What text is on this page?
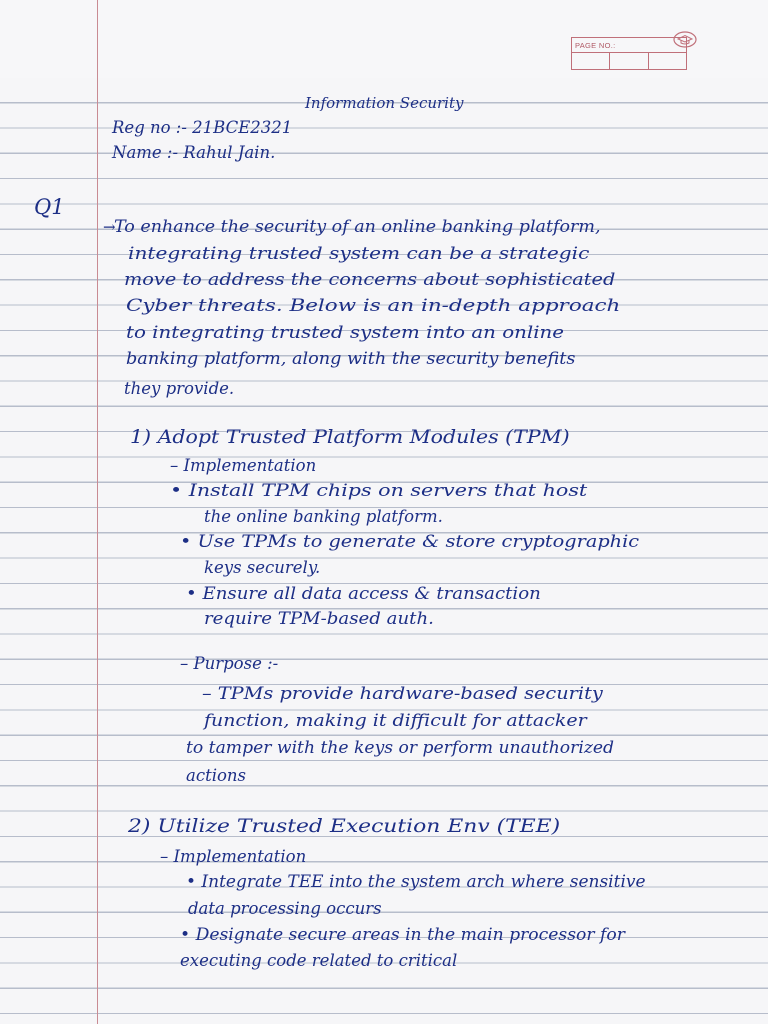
PAGE NO.:
Information Security
Reg no :- 21BCE2321
Name :- Rahul Jain.
Q1
→
To enhance the security of an online banking platform,
integrating trusted system can be a strategic
move to address the concerns about sophisticated
Cyber threats. Below is an in-depth approach
to integrating trusted system into an online
banking platform, along with the security benefits
they provide.
1) Adopt Trusted Platform Modules (TPM)
– Implementation
• Install TPM chips on servers that host
the online banking platform.
• Use TPMs to generate & store cryptographic
keys securely.
• Ensure all data access & transaction
require TPM-based auth.
– Purpose :-
– TPMs provide hardware-based security
function, making it difficult for attacker
to tamper with the keys or perform unauthorized
actions
2) Utilize Trusted Execution Env (TEE)
– Implementation
• Integrate TEE into the system arch where sensitive
data processing occurs
• Designate secure areas in the main processor for
executing code related to critical
